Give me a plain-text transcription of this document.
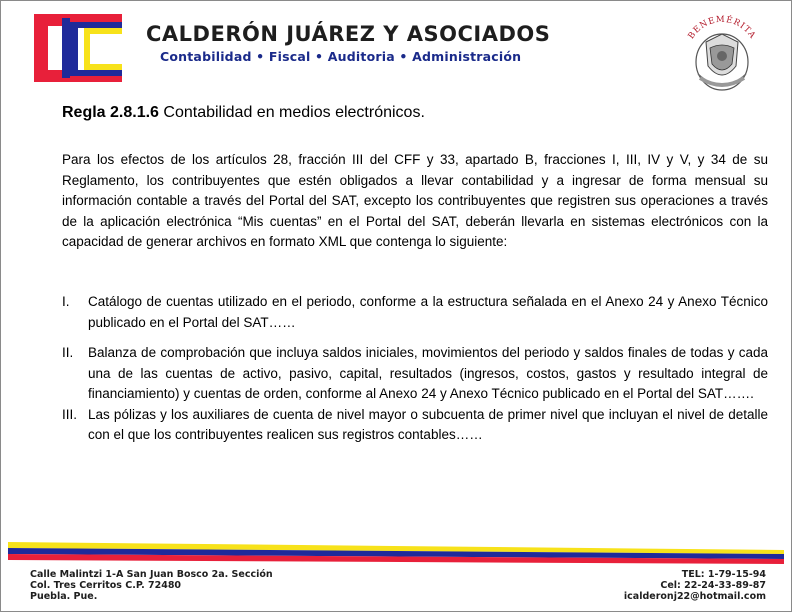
CALDERÓN JUÁREZ Y ASOCIADOS
Contabilidad • Fiscal • Auditoria • Administración
BENEMÉRITA
Regla 2.8.1.6 Contabilidad en medios electrónicos.
Para los efectos de los artículos 28, fracción III del CFF y 33, apartado B, fracciones I, III, IV y V, y 34 de su Reglamento, los contribuyentes que estén obligados a llevar contabilidad y a ingresar de forma mensual su información contable a través del Portal del SAT, excepto los contribuyentes que registren sus operaciones a través de la aplicación electrónica “Mis cuentas” en el Portal del SAT, deberán llevarla en sistemas electrónicos con la capacidad de generar archivos en formato XML que contenga lo siguiente:
I.	Catálogo de cuentas utilizado en el periodo, conforme a la estructura señalada en el Anexo 24 y Anexo Técnico publicado en el Portal del SAT……
II.	Balanza de comprobación que incluya saldos iniciales, movimientos del periodo y saldos finales de todas y cada una de las cuentas de activo, pasivo, capital, resultados (ingresos, costos, gastos y resultado integral de financiamiento) y cuentas de orden, conforme al Anexo 24 y Anexo Técnico publicado en el Portal del SAT…….
III. Las pólizas y los auxiliares de cuenta de nivel mayor o subcuenta de primer nivel que incluyan el nivel de detalle con el que los contribuyentes realicen sus registros contables……
Calle Malintzi 1-A San Juan Bosco 2a. Sección
Col. Tres Cerritos C.P. 72480
Puebla. Pue.
TEL: 1-79-15-94
Cel: 22-24-33-89-87
icalderonj22@hotmail.com
